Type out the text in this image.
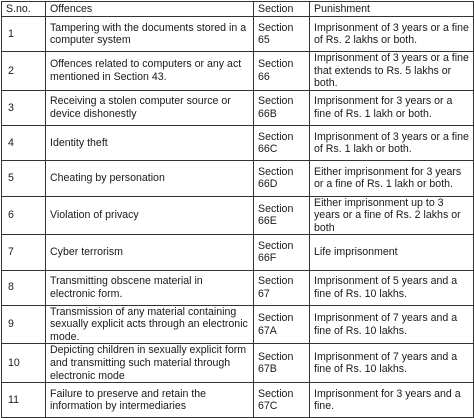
S.no.	Offences	Section	Punishment
1	Tampering with the documents stored in a computer system	Section 65	Imprisonment of 3 years or a fine of Rs. 2 lakhs or both.
2	Offences related to computers or any act mentioned in Section 43.	Section 66	Imprisonment of 3 years or a fine that extends to Rs. 5 lakhs or both.
3	Receiving a stolen computer source or device dishonestly	Section 66B	Imprisonment for 3 years or a fine of Rs. 1 lakh or both.
4	Identity theft	Section 66C	Imprisonment of 3 years or a fine of Rs. 1 lakh or both.
5	Cheating by personation	Section 66D	Either imprisonment for 3 years or a fine of Rs. 1 lakh or both.
6	Violation of privacy	Section 66E	Either imprisonment up to 3 years or a fine of Rs. 2 lakhs or both
7	Cyber terrorism	Section 66F	Life imprisonment
8	Transmitting obscene material in electronic form.	Section 67	Imprisonment of 5 years and a fine of Rs. 10 lakhs.
9	Transmission of any material containing sexually explicit acts through an electronic mode.	Section 67A	Imprisonment of 7 years and a fine of Rs. 10 lakhs.
10	Depicting children in sexually explicit form and transmitting such material through electronic mode	Section 67B	Imprisonment of 7 years and a fine of Rs. 10 lakhs.
11	Failure to preserve and retain the information by intermediaries	Section 67C	Imprisonment for 3 years and a fine.
